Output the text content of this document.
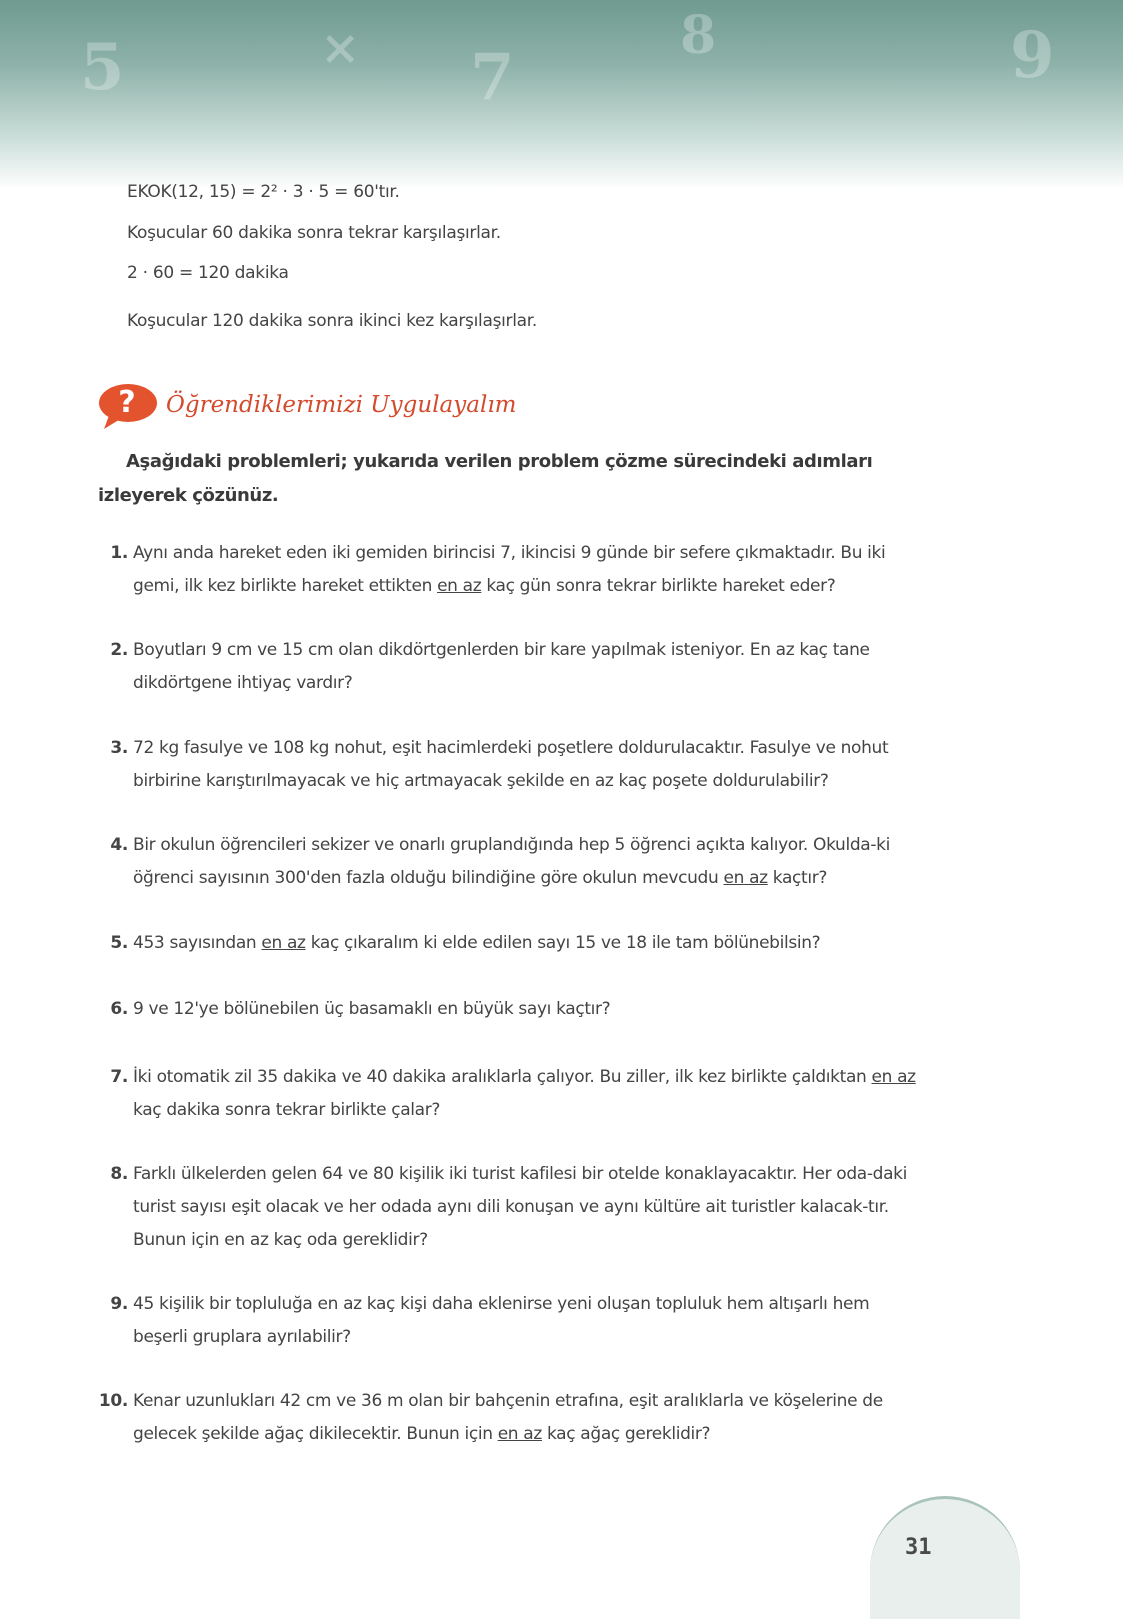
5	× 7
8	9
EKOK(12, 15) = 2² · 3 · 5 = 60'tır.
Koşucular 60 dakika sonra tekrar karşılaşırlar.
2 · 60 = 120 dakika
Koşucular 120 dakika sonra ikinci kez karşılaşırlar.
?	Öğrendiklerimizi Uygulayalım
Aşağıdaki problemleri; yukarıda verilen problem çözme sürecindeki adımları izleyerek çözünüz.
1. Aynı anda hareket eden iki gemiden birincisi 7, ikincisi 9 günde bir sefere çıkmaktadır. Bu iki gemi, ilk kez birlikte hareket ettikten en az kaç gün sonra tekrar birlikte hareket eder?
2. Boyutları 9 cm ve 15 cm olan dikdörtgenlerden bir kare yapılmak isteniyor. En az kaç tane dikdörtgene ihtiyaç vardır?
3. 72 kg fasulye ve 108 kg nohut, eşit hacimlerdeki poşetlere doldurulacaktır. Fasulye ve nohut birbirine karıştırılmayacak ve hiç artmayacak şekilde en az kaç poşete doldurulabilir?
4. Bir okulun öğrencileri sekizer ve onarlı gruplandığında hep 5 öğrenci açıkta kalıyor. Okulda-ki öğrenci sayısının 300'den fazla olduğu bilindiğine göre okulun mevcudu en az kaçtır?
5. 453 sayısından en az kaç çıkaralım ki elde edilen sayı 15 ve 18 ile tam bölünebilsin?
6. 9 ve 12'ye bölünebilen üç basamaklı en büyük sayı kaçtır?
7. İki otomatik zil 35 dakika ve 40 dakika aralıklarla çalıyor. Bu ziller, ilk kez birlikte çaldıktan en az kaç dakika sonra tekrar birlikte çalar?
8. Farklı ülkelerden gelen 64 ve 80 kişilik iki turist kafilesi bir otelde konaklayacaktır. Her oda-daki turist sayısı eşit olacak ve her odada aynı dili konuşan ve aynı kültüre ait turistler kalacak-tır. Bunun için en az kaç oda gereklidir?
9. 45 kişilik bir topluluğa en az kaç kişi daha eklenirse yeni oluşan topluluk hem altışarlı hem beşerli gruplara ayrılabilir?
10. Kenar uzunlukları 42 cm ve 36 m olan bir bahçenin etrafına, eşit aralıklarla ve köşelerine de gelecek şekilde ağaç dikilecektir. Bunun için en az kaç ağaç gereklidir?
31
